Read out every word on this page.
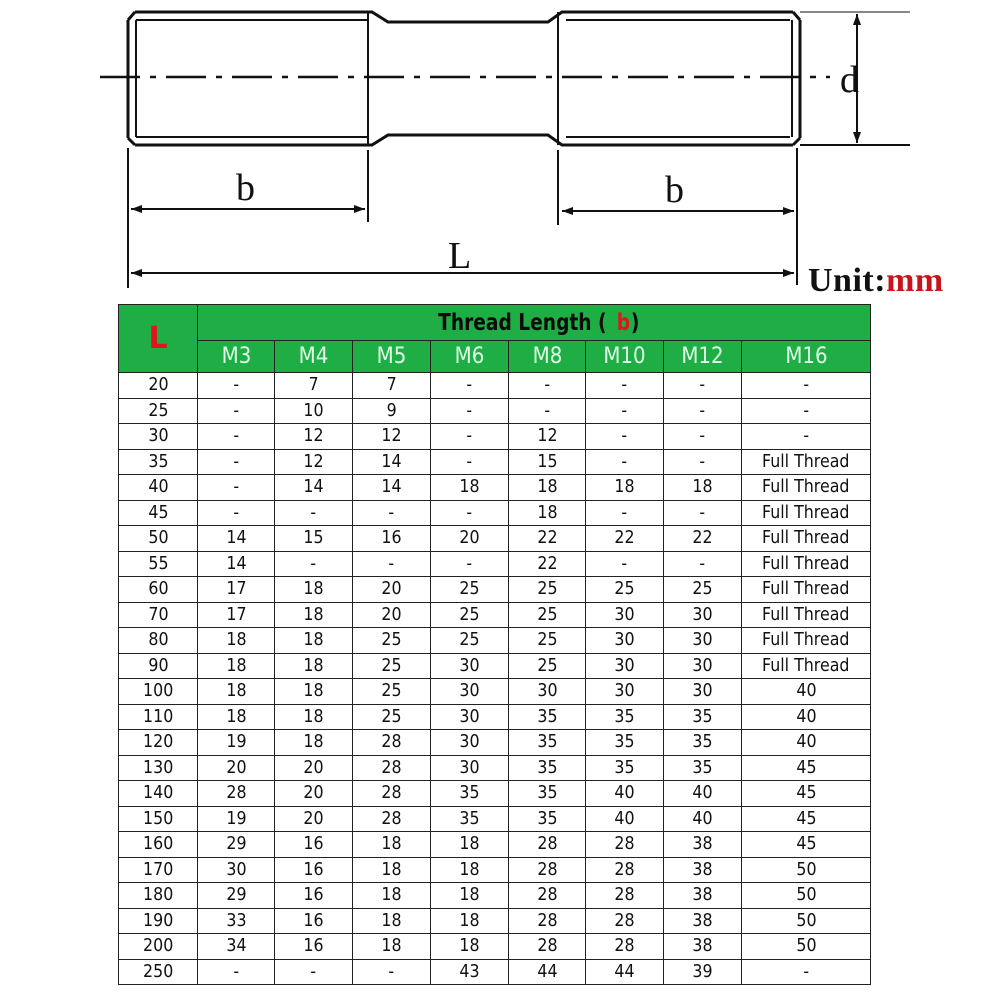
b	b
L
d
Unit:mm
L	Thread Length ( b)							
	M3	M4	M5	M6	M8	M10	M12	M16
20	-	7	7	-	-	-	-	-
25	-	10	9	-	-	-	-	-
30	-	12	12	-	12	-	-	-
35	-	12	14	-	15	-	-	Full Thread
40	-	14	14	18	18	18	18	Full Thread
45	-	-	-	-	18	-	-	Full Thread
50	14	15	16	20	22	22	22	Full Thread
55	14	-	-	-	22	-	-	Full Thread
60	17	18	20	25	25	25	25	Full Thread
70	17	18	20	25	25	30	30	Full Thread
80	18	18	25	25	25	30	30	Full Thread
90	18	18	25	30	25	30	30	Full Thread
100	18	18	25	30	30	30	30	40
110	18	18	25	30	35	35	35	40
120	19	18	28	30	35	35	35	40
130	20	20	28	30	35	35	35	45
140	28	20	28	35	35	40	40	45
150	19	20	28	35	35	40	40	45
160	29	16	18	18	28	28	38	45
170	30	16	18	18	28	28	38	50
180	29	16	18	18	28	28	38	50
190	33	16	18	18	28	28	38	50
200	34	16	18	18	28	28	38	50
250	-	-	-	43	44	44	39	-
